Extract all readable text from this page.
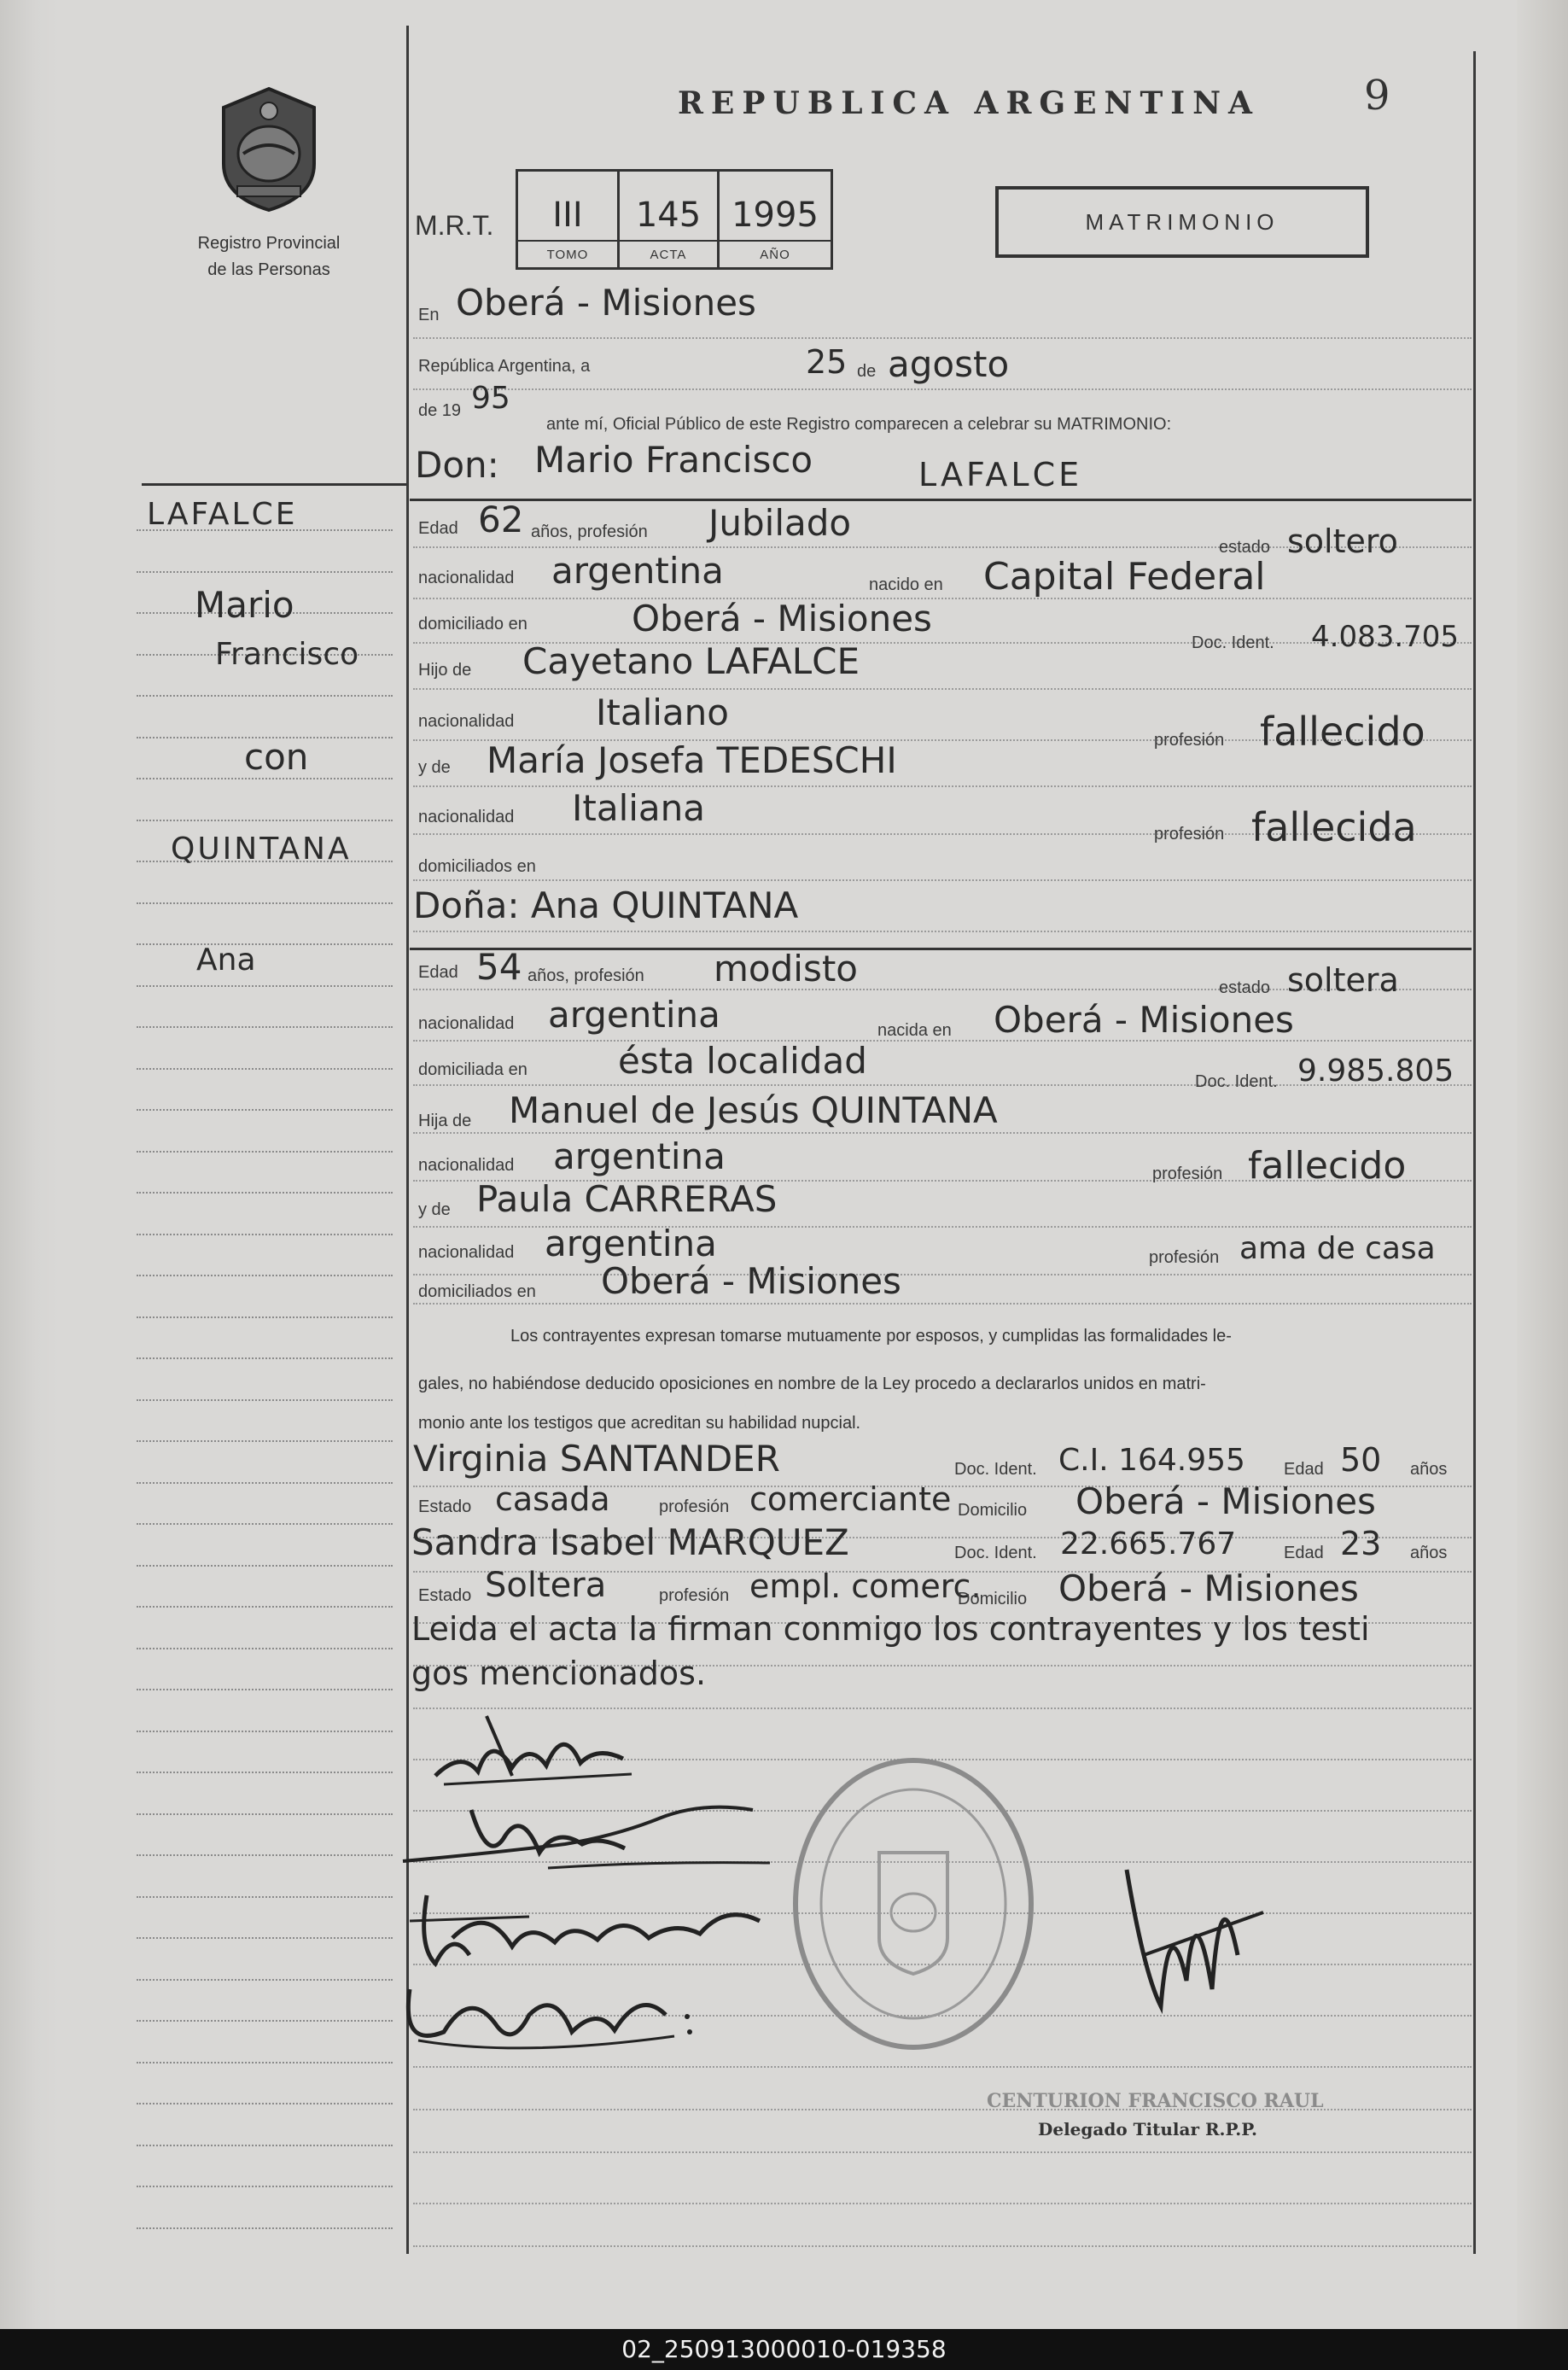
REPUBLICA ARGENTINA	9
Registro Provincial
de las Personas
MATRIMONIO
M.R.T.	III
TOMO
145
ACTA
1995
AÑO
LAFALCE
Mario
Francisco
con
QUINTANA
Ana
En Oberá - Misiones
República Argentina, a	25 de agosto
de 19 95
ante mí, Oficial Público de este Registro comparecen a celebrar su MATRIMONIO:
Don: Mario Francisco	LAFALCE
Edad 62 años, profesión Jubilado
estado soltero
nacionalidad argentina	nacido en Capital Federal
domiciliado en	Oberá - Misiones
Doc. Ident. 4.083.705
Hijo de Cayetano LAFALCE
nacionalidad Italiano
profesión fallecido
y de María Josefa TEDESCHI
nacionalidad Italiana
profesión fallecida
domiciliados en
Doña: Ana QUINTANA
Edad 54 años, profesión modisto	estado soltera
nacionalidad argentina	nacida en Oberá - Misiones
domiciliada en	ésta localidad	Doc. Ident. 9.985.805
Hija de Manuel de Jesús QUINTANA
nacionalidad argentina	profesión fallecido
y de Paula CARRERAS
nacionalidad argentina	profesión ama de casa
domiciliados en Oberá - Misiones
Los contrayentes expresan tomarse mutuamente por esposos, y cumplidas las formalidades le-
gales, no habiéndose deducido oposiciones en nombre de la Ley procedo a declararlos unidos en matri-
monio ante los testigos que acreditan su habilidad nupcial.
Virginia SANTANDER	Doc. Ident. C.I. 164.955 Edad 50 años
Estado casada	profesión comerciante Domicilio Oberá - Misiones
Sandra Isabel MARQUEZ	Doc. Ident. 22.665.767	Edad 23 años
Estado Soltera	profesión empl. comerc.
Domicilio Oberá - Misiones
Leida el acta la firman conmigo los contrayentes y los testi
gos mencionados.
CENTURION FRANCISCO RAUL
Delegado Titular R.P.P.
02_250913000010-019358
